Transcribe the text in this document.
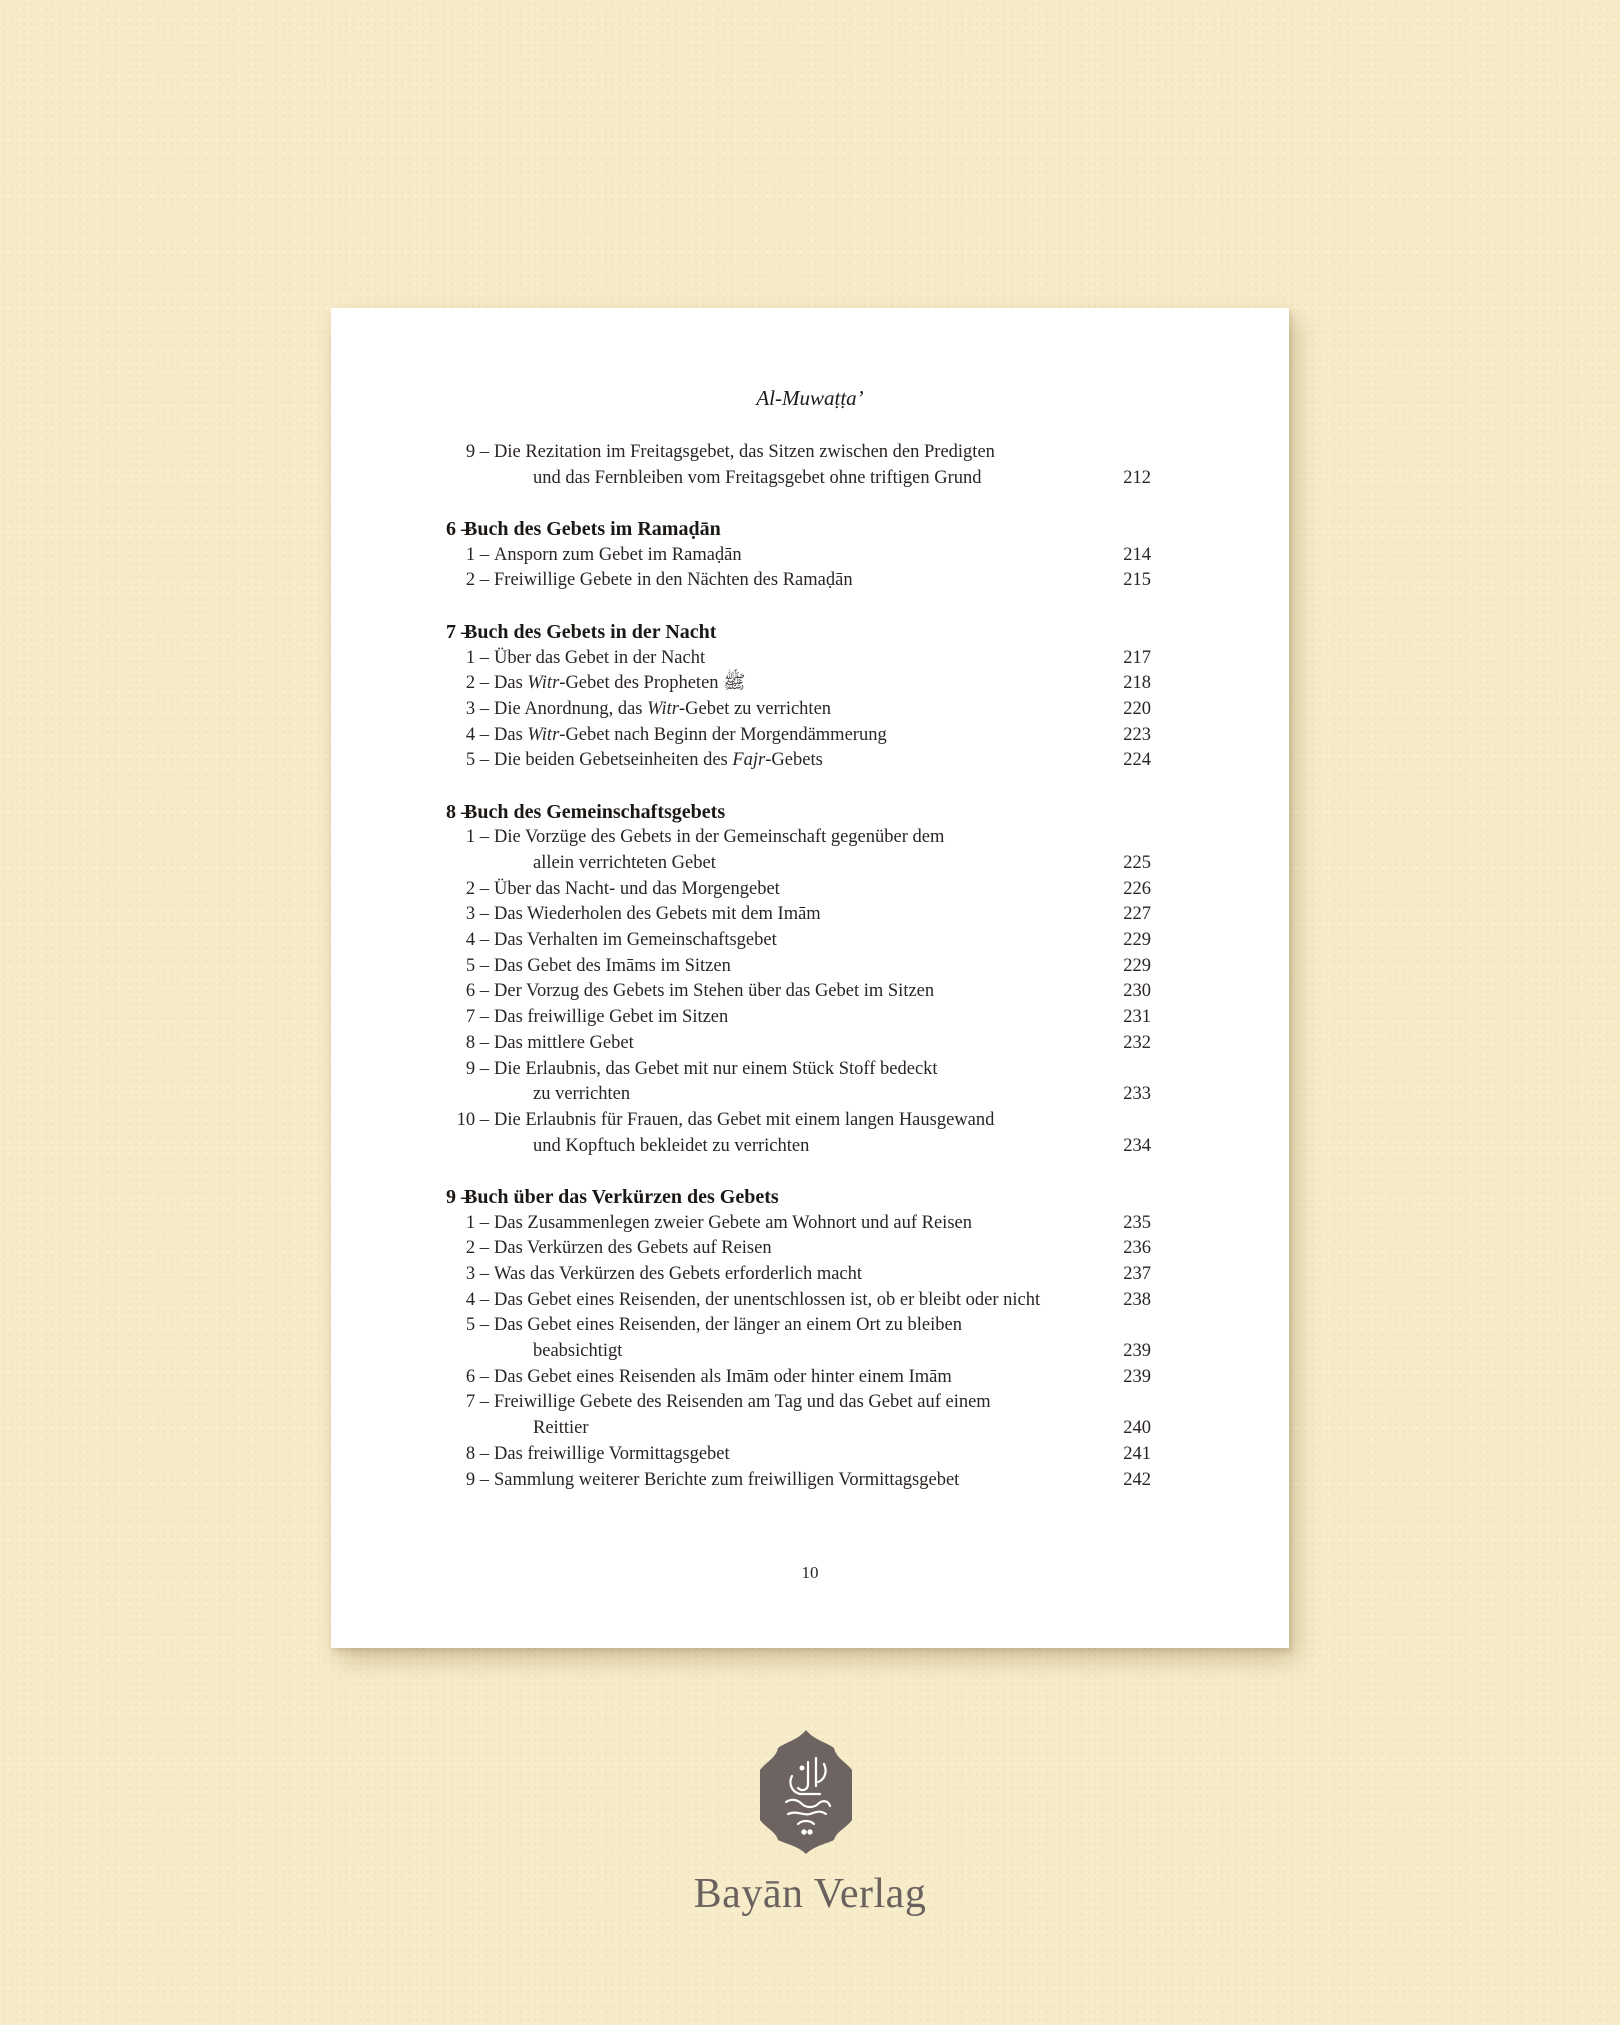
Al-Muwaṭṭa’
9 – Die Rezitation im Freitagsgebet, das Sitzen zwischen den Predigten
und das Fernbleiben vom Freitagsgebet ohne triftigen Grund	212
6 –
Buch des Gebets im Ramaḍān
1 – Ansporn zum Gebet im Ramaḍān	214
2 – Freiwillige Gebete in den Nächten des Ramaḍān	215
7 –
Buch des Gebets in der Nacht
1 – Über das Gebet in der Nacht	217
2 – Das Witr-Gebet des Propheten ﷺ	218
3 – Die Anordnung, das Witr-Gebet zu verrichten	220
4 – Das Witr-Gebet nach Beginn der Morgendämmerung	223
5 – Die beiden Gebetseinheiten des Fajr-Gebets	224
8 –
Buch des Gemeinschaftsgebets
1 – Die Vorzüge des Gebets in der Gemeinschaft gegenüber dem
allein verrichteten Gebet	225
2 – Über das Nacht- und das Morgengebet	226
3 – Das Wiederholen des Gebets mit dem Imām	227
4 – Das Verhalten im Gemeinschaftsgebet	229
5 – Das Gebet des Imāms im Sitzen	229
6 – Der Vorzug des Gebets im Stehen über das Gebet im Sitzen	230
7 – Das freiwillige Gebet im Sitzen	231
8 – Das mittlere Gebet	232
9 – Die Erlaubnis, das Gebet mit nur einem Stück Stoff bedeckt
zu verrichten	233
10 – Die Erlaubnis für Frauen, das Gebet mit einem langen Hausgewand
und Kopftuch bekleidet zu verrichten	234
9 –
Buch über das Verkürzen des Gebets
1 – Das Zusammenlegen zweier Gebete am Wohnort und auf Reisen	235
2 – Das Verkürzen des Gebets auf Reisen	236
3 – Was das Verkürzen des Gebets erforderlich macht	237
4 – Das Gebet eines Reisenden, der unentschlossen ist, ob er bleibt oder nicht	238
5 – Das Gebet eines Reisenden, der länger an einem Ort zu bleiben
beabsichtigt	239
6 – Das Gebet eines Reisenden als Imām oder hinter einem Imām	239
7 – Freiwillige Gebete des Reisenden am Tag und das Gebet auf einem
Reittier	240
8 – Das freiwillige Vormittagsgebet	241
9 – Sammlung weiterer Berichte zum freiwilligen Vormittagsgebet	242
10
Bayān Verlag
